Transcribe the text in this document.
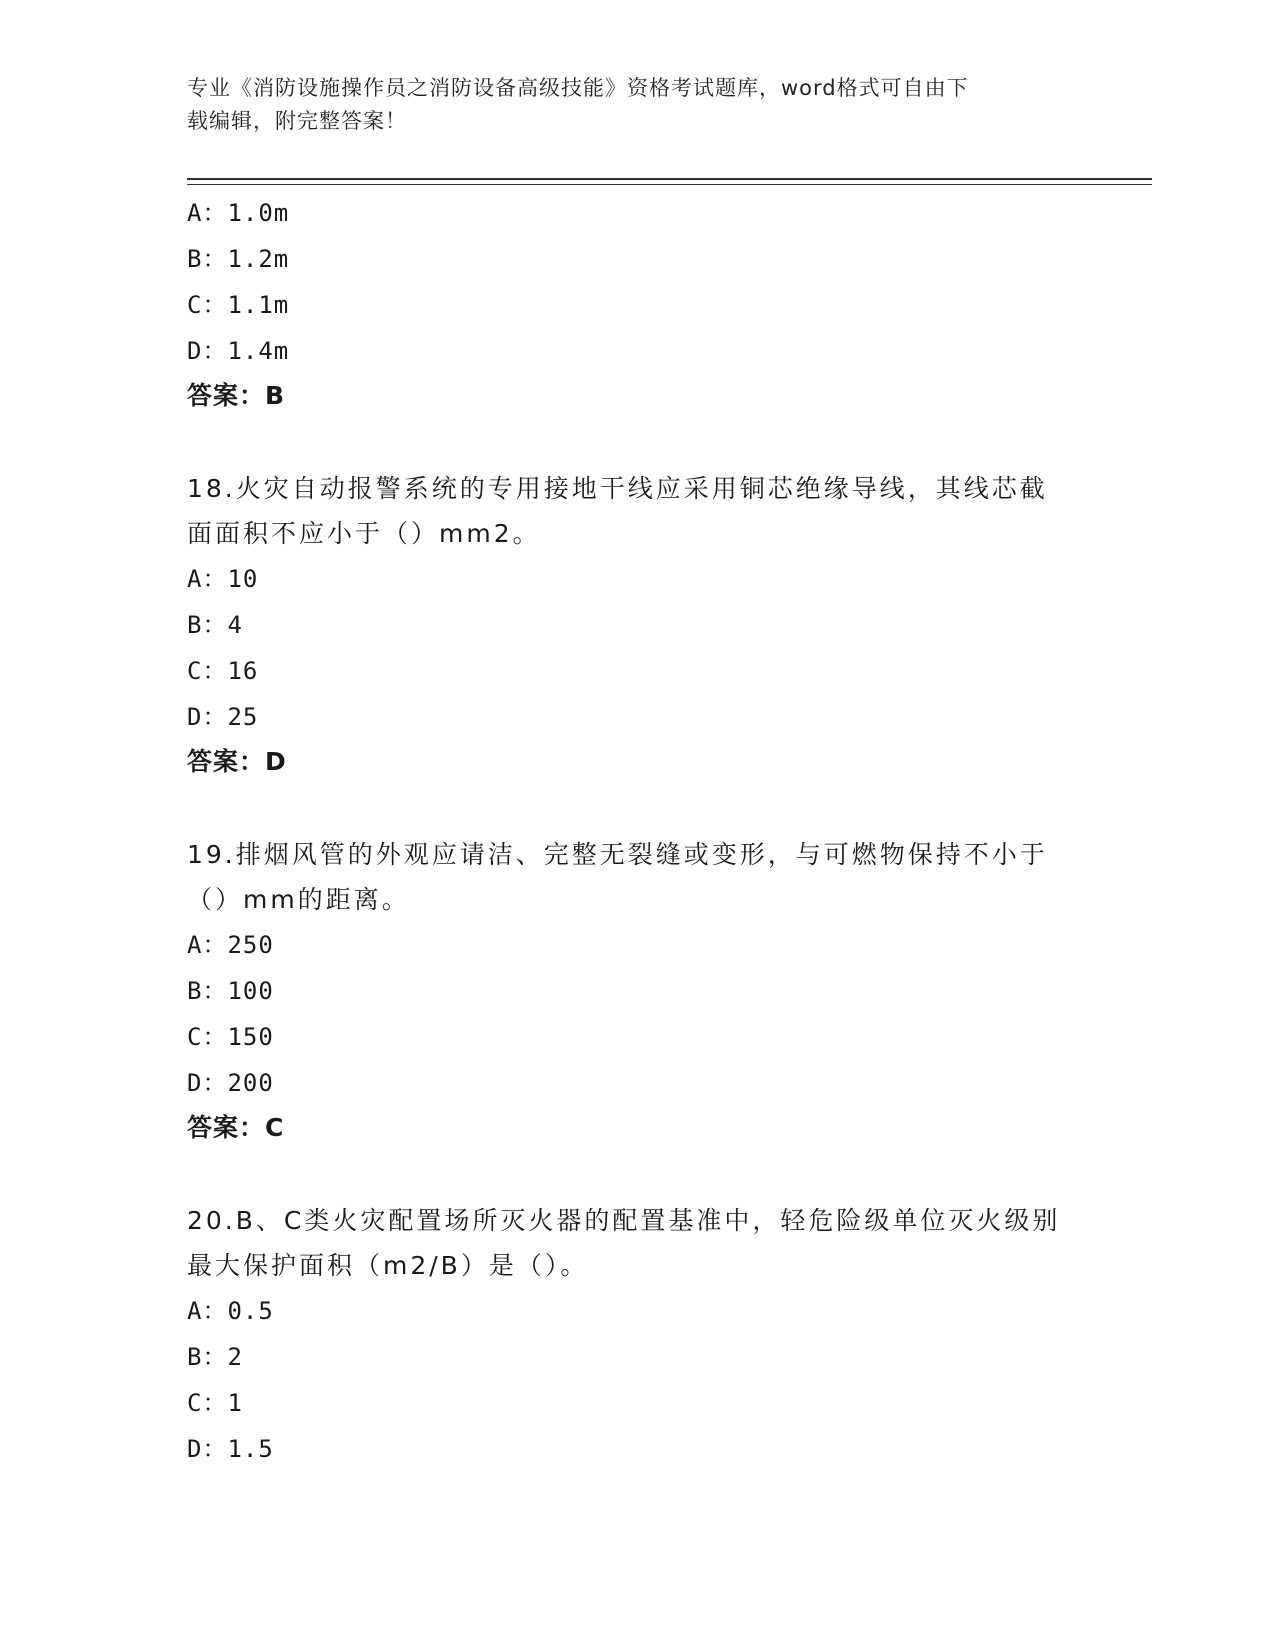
专业《消防设施操作员之消防设备高级技能》资格考试题库，word格式可自由下
载编辑，附完整答案！
A：1.0m
B：1.2m
C：1.1m
D：1.4m
答案：B
18.火灾自动报警系统的专用接地干线应采用铜芯绝缘导线，其线芯截
面面积不应小于（）mm2。
A：10
B：4
C：16
D：25
答案：D
19.排烟风管的外观应请洁、完整无裂缝或变形，与可燃物保持不小于
（）mm的距离。
A：250
B：100
C：150
D：200
答案：C
20.B、C类火灾配置场所灭火器的配置基准中，轻危险级单位灭火级别
最大保护面积（m2/B）是（）。
A：0.5
B：2
C：1
D：1.5
